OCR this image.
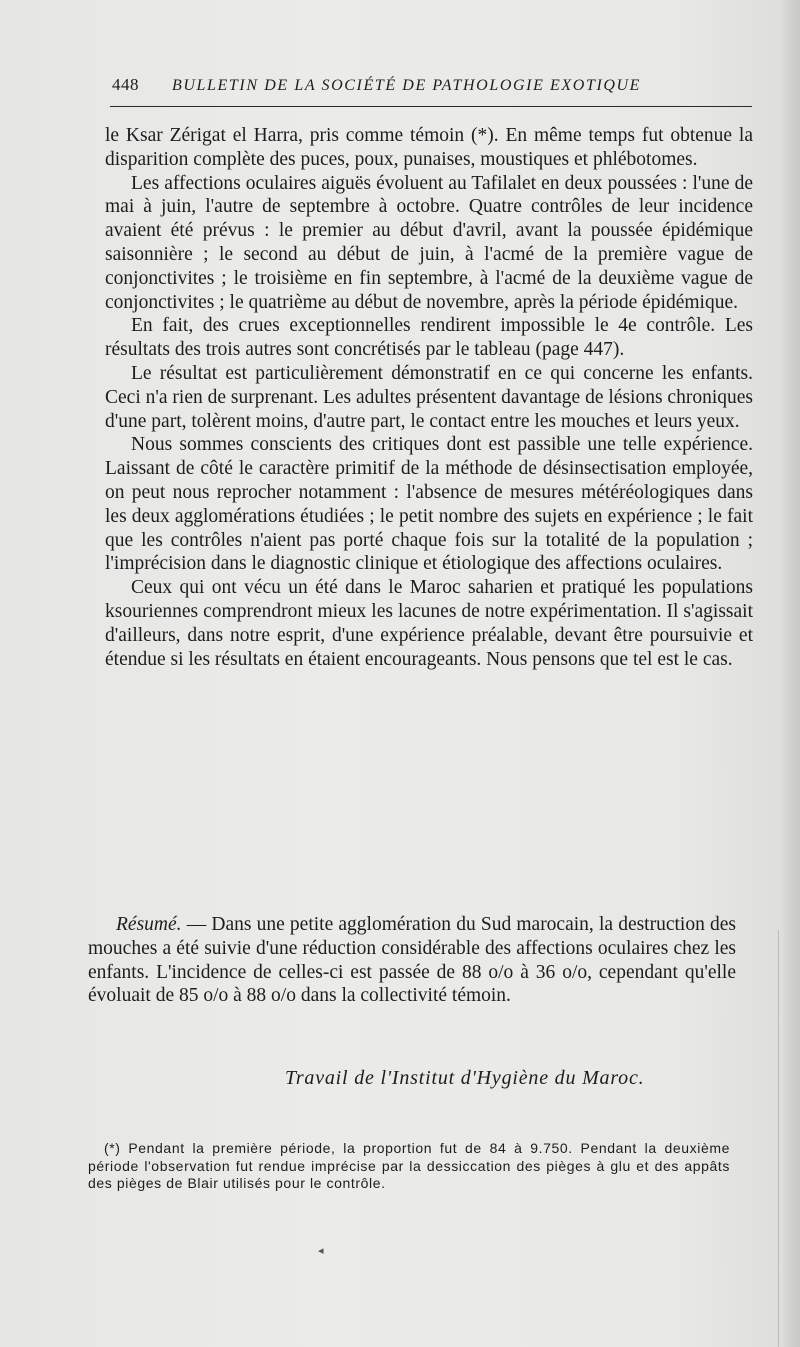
448 BULLETIN DE LA SOCIÉTÉ DE PATHOLOGIE EXOTIQUE

le Ksar Zérigat el Harra, pris comme témoin (*). En même temps fut obtenue la disparition complète des puces, poux, punaises, moustiques et phlébotomes.

Les affections oculaires aiguës évoluent au Tafilalet en deux poussées : l'une de mai à juin, l'autre de septembre à octobre. Quatre contrôles de leur incidence avaient été prévus : le premier au début d'avril, avant la poussée épidémique saisonnière ; le second au début de juin, à l'acmé de la première vague de conjonctivites ; le troisième en fin septembre, à l'acmé de la deuxième vague de conjonctivites ; le quatrième au début de novembre, après la période épidémique.

En fait, des crues exceptionnelles rendirent impossible le 4e contrôle. Les résultats des trois autres sont concrétisés par le tableau (page 447).

Le résultat est particulièrement démonstratif en ce qui concerne les enfants. Ceci n'a rien de surprenant. Les adultes présentent davantage de lésions chroniques d'une part, tolèrent moins, d'autre part, le contact entre les mouches et leurs yeux.

Nous sommes conscients des critiques dont est passible une telle expérience. Laissant de côté le caractère primitif de la méthode de désinsectisation employée, on peut nous reprocher notamment : l'absence de mesures météréologiques dans les deux agglomérations étudiées ; le petit nombre des sujets en expérience ; le fait que les contrôles n'aient pas porté chaque fois sur la totalité de la population ; l'imprécision dans le diagnostic clinique et étiologique des affections oculaires.

Ceux qui ont vécu un été dans le Maroc saharien et pratiqué les populations ksouriennes comprendront mieux les lacunes de notre expérimentation. Il s'agissait d'ailleurs, dans notre esprit, d'une expérience préalable, devant être poursuivie et étendue si les résultats en étaient encourageants. Nous pensons que tel est le cas.

Résumé. — Dans une petite agglomération du Sud marocain, la destruction des mouches a été suivie d'une réduction considérable des affections oculaires chez les enfants. L'incidence de celles-ci est passée de 88 o/o à 36 o/o, cependant qu'elle évoluait de 85 o/o à 88 o/o dans la collectivité témoin.

Travail de l'Institut d'Hygiène du Maroc.

(*) Pendant la première période, la proportion fut de 84 à 9.750. Pendant la deuxième période l'observation fut rendue imprécise par la dessiccation des pièges à glu et des appâts des pièges de Blair utilisés pour le contrôle.

◂
